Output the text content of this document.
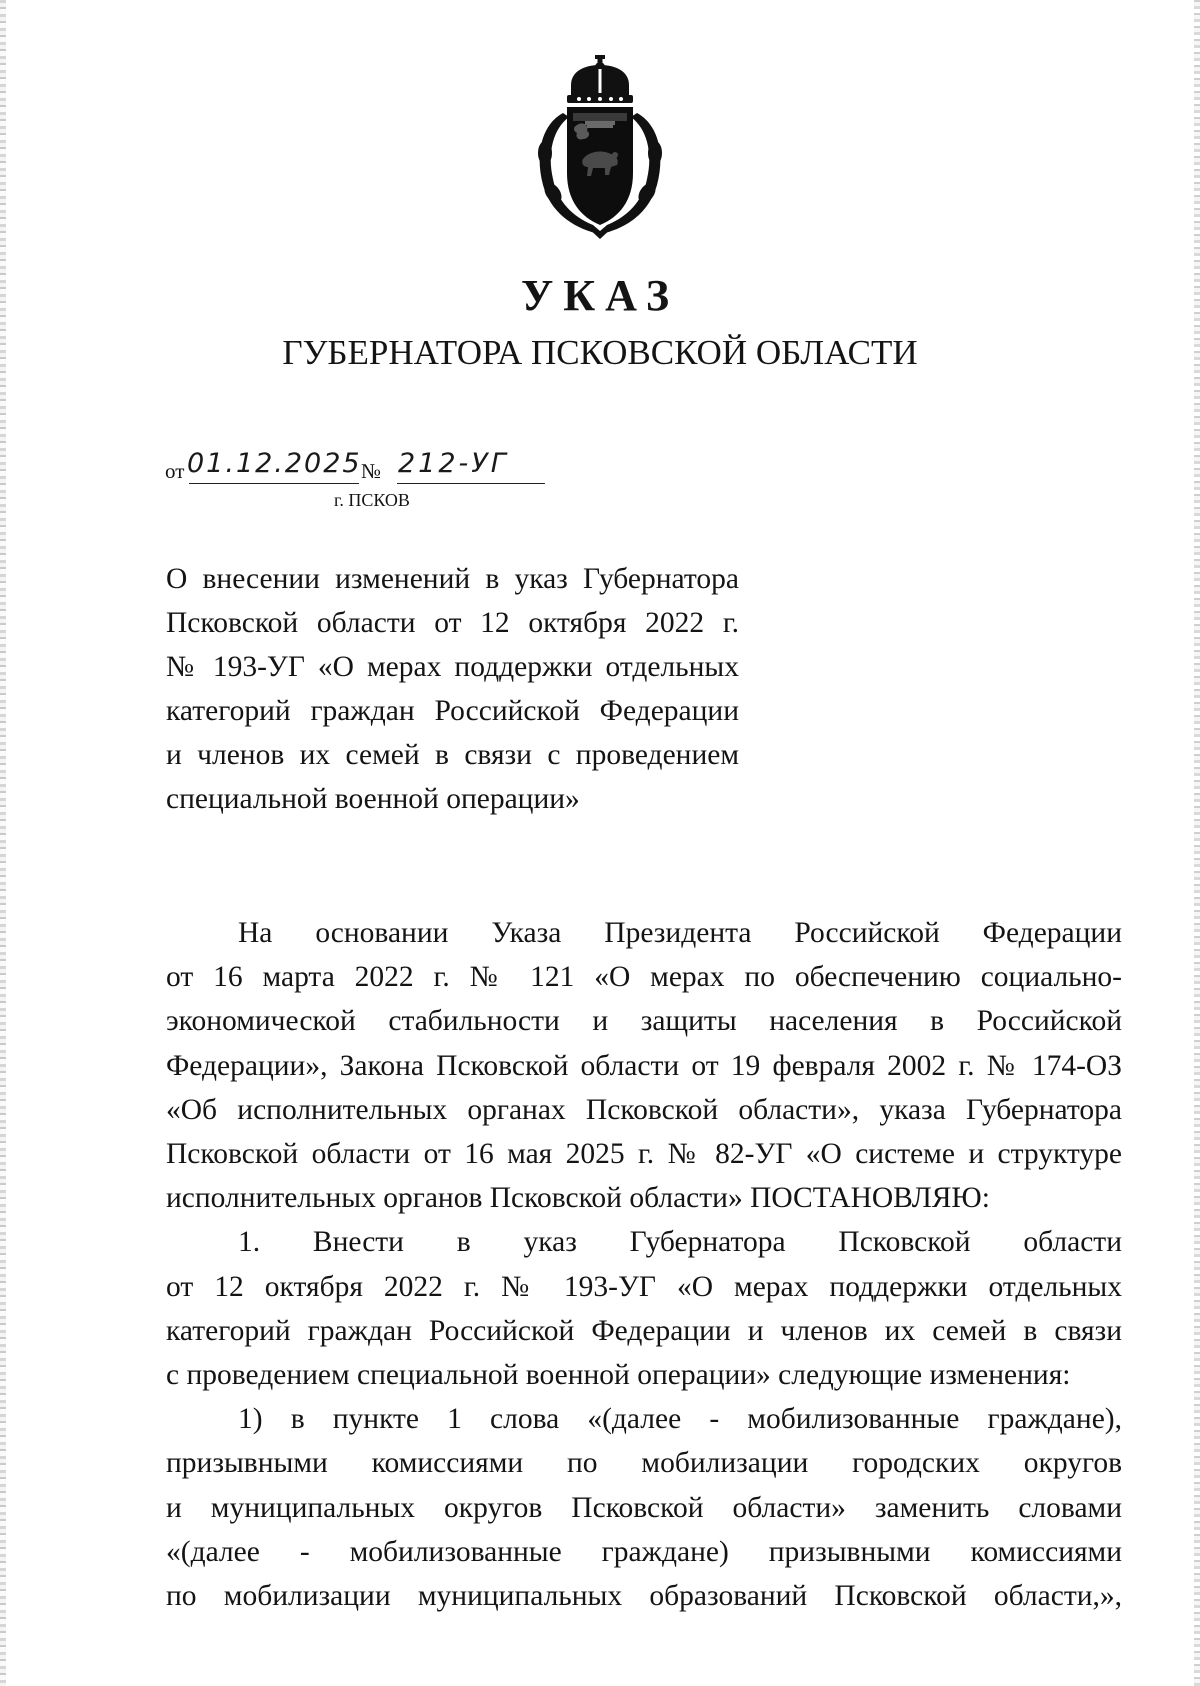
УКАЗ
ГУБЕРНАТОРА ПСКОВСКОЙ ОБЛАСТИ
от 01.12.2025 № 212-УГ
г. ПСКОВ
О внесении изменений в указ Губернатора
Псковской области от 12 октября 2022 г.
№ 193-УГ «О мерах поддержки отдельных
категорий граждан Российской Федерации
и членов их семей в связи с проведением
специальной военной операции»
На основании Указа Президента Российской Федерации
от 16 марта 2022 г. № 121 «О мерах по обеспечению социально-
экономической стабильности и защиты населения в Российской
Федерации», Закона Псковской области от 19 февраля 2002 г. № 174-ОЗ
«Об исполнительных органах Псковской области», указа Губернатора
Псковской области от 16 мая 2025 г. № 82-УГ «О системе и структуре
исполнительных органов Псковской области» ПОСТАНОВЛЯЮ:
1. Внести в указ Губернатора Псковской области
от 12 октября 2022 г. № 193-УГ «О мерах поддержки отдельных
категорий граждан Российской Федерации и членов их семей в связи
с проведением специальной военной операции» следующие изменения:
1) в пункте 1 слова «(далее - мобилизованные граждане),
призывными комиссиями по мобилизации городских округов
и муниципальных округов Псковской области» заменить словами
«(далее - мобилизованные граждане) призывными комиссиями
по мобилизации муниципальных образований Псковской области,»,
